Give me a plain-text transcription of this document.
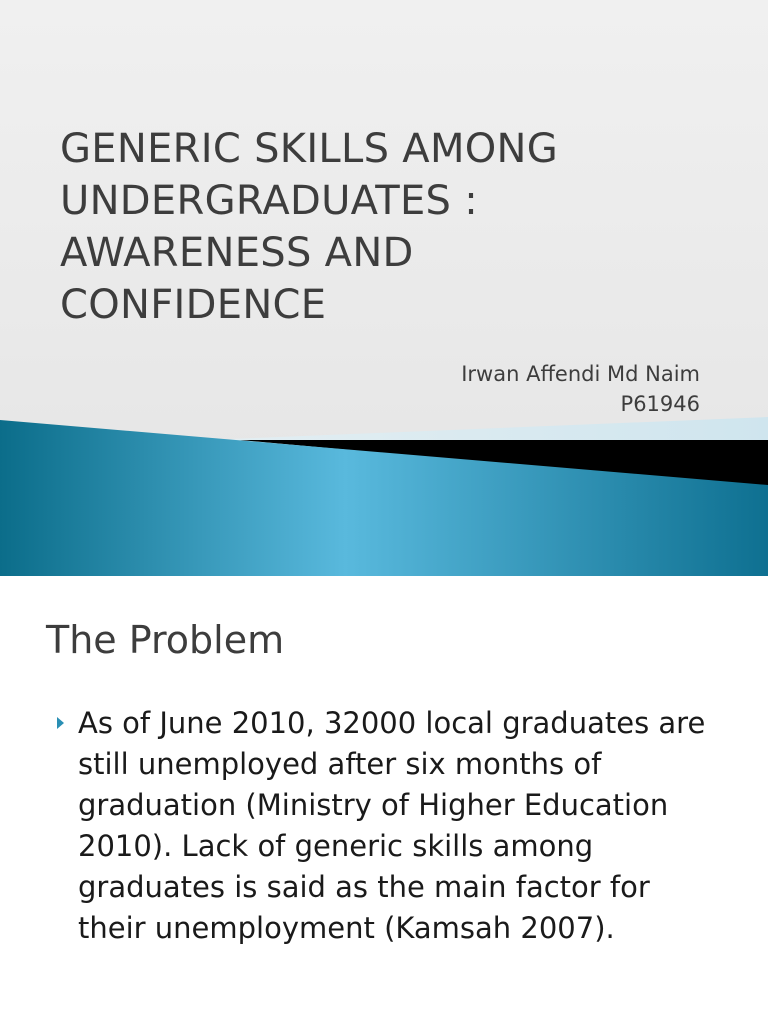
GENERIC SKILLS AMONG
UNDERGRADUATES :
AWARENESS AND
CONFIDENCE
Irwan Affendi Md Naim
P61946
The Problem
As of June 2010, 32000 local graduates are still unemployed after six months of graduation (Ministry of Higher Education 2010). Lack of generic skills among graduates is said as the main factor for their unemployment (Kamsah 2007).
